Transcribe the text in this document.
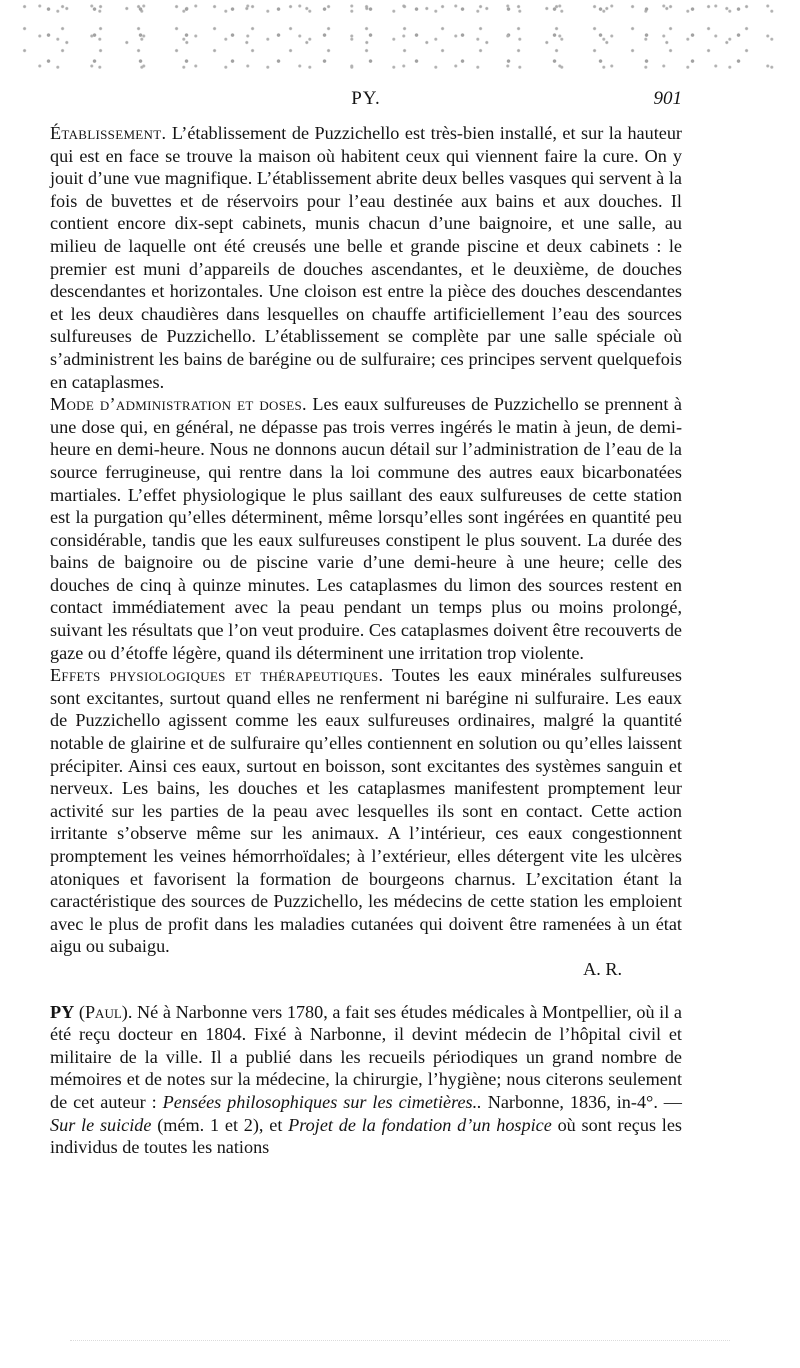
PY.	901

Établissement. L’établissement de Puzzichello est très-bien installé, et sur la hauteur qui est en face se trouve la maison où habitent ceux qui viennent faire la cure. On y jouit d’une vue magnifique. L’établissement abrite deux belles vasques qui servent à la fois de buvettes et de réservoirs pour l’eau destinée aux bains et aux douches. Il contient encore dix-sept cabinets, munis chacun d’une baignoire, et une salle, au milieu de laquelle ont été creusés une belle et grande piscine et deux cabinets : le premier est muni d’appareils de douches ascendantes, et le deuxième, de douches descendantes et horizontales. Une cloison est entre la pièce des douches descendantes et les deux chaudières dans lesquelles on chauffe artificiellement l’eau des sources sulfureuses de Puzzichello. L’établissement se complète par une salle spéciale où s’administrent les bains de barégine ou de sulfuraire; ces principes servent quelquefois en cataplasmes.

Mode d’administration et doses. Les eaux sulfureuses de Puzzichello se prennent à une dose qui, en général, ne dépasse pas trois verres ingérés le matin à jeun, de demi-heure en demi-heure. Nous ne donnons aucun détail sur l’administration de l’eau de la source ferrugineuse, qui rentre dans la loi commune des autres eaux bicarbonatées martiales. L’effet physiologique le plus saillant des eaux sulfureuses de cette station est la purgation qu’elles déterminent, même lorsqu’elles sont ingérées en quantité peu considérable, tandis que les eaux sulfureuses constipent le plus souvent. La durée des bains de baignoire ou de piscine varie d’une demi-heure à une heure; celle des douches de cinq à quinze minutes. Les cataplasmes du limon des sources restent en contact immédiatement avec la peau pendant un temps plus ou moins prolongé, suivant les résultats que l’on veut produire. Ces cataplasmes doivent être recouverts de gaze ou d’étoffe légère, quand ils déterminent une irritation trop violente.

Effets physiologiques et thérapeutiques. Toutes les eaux minérales sulfureuses sont excitantes, surtout quand elles ne renferment ni barégine ni sulfuraire. Les eaux de Puzzichello agissent comme les eaux sulfureuses ordinaires, malgré la quantité notable de glairine et de sulfuraire qu’elles contiennent en solution ou qu’elles laissent précipiter. Ainsi ces eaux, surtout en boisson, sont excitantes des systèmes sanguin et nerveux. Les bains, les douches et les cataplasmes manifestent promptement leur activité sur les parties de la peau avec lesquelles ils sont en contact. Cette action irritante s’observe même sur les animaux. A l’intérieur, ces eaux congestionnent promptement les veines hémorrhoïdales; à l’extérieur, elles détergent vite les ulcères atoniques et favorisent la formation de bourgeons charnus. L’excitation étant la caractéristique des sources de Puzzichello, les médecins de cette station les emploient avec le plus de profit dans les maladies cutanées qui doivent être ramenées à un état aigu ou subaigu.
A. R.

PY (Paul). Né à Narbonne vers 1780, a fait ses études médicales à Montpellier, où il a été reçu docteur en 1804. Fixé à Narbonne, il devint médecin de l’hôpital civil et militaire de la ville. Il a publié dans les recueils périodiques un grand nombre de mémoires et de notes sur la médecine, la chirurgie, l’hygiène; nous citerons seulement de cet auteur : Pensées philosophiques sur les cimetières.. Narbonne, 1836, in-4°. — Sur le suicide (mém. 1 et 2), et Projet de la fondation d’un hospice où sont reçus les individus de toutes les nations
